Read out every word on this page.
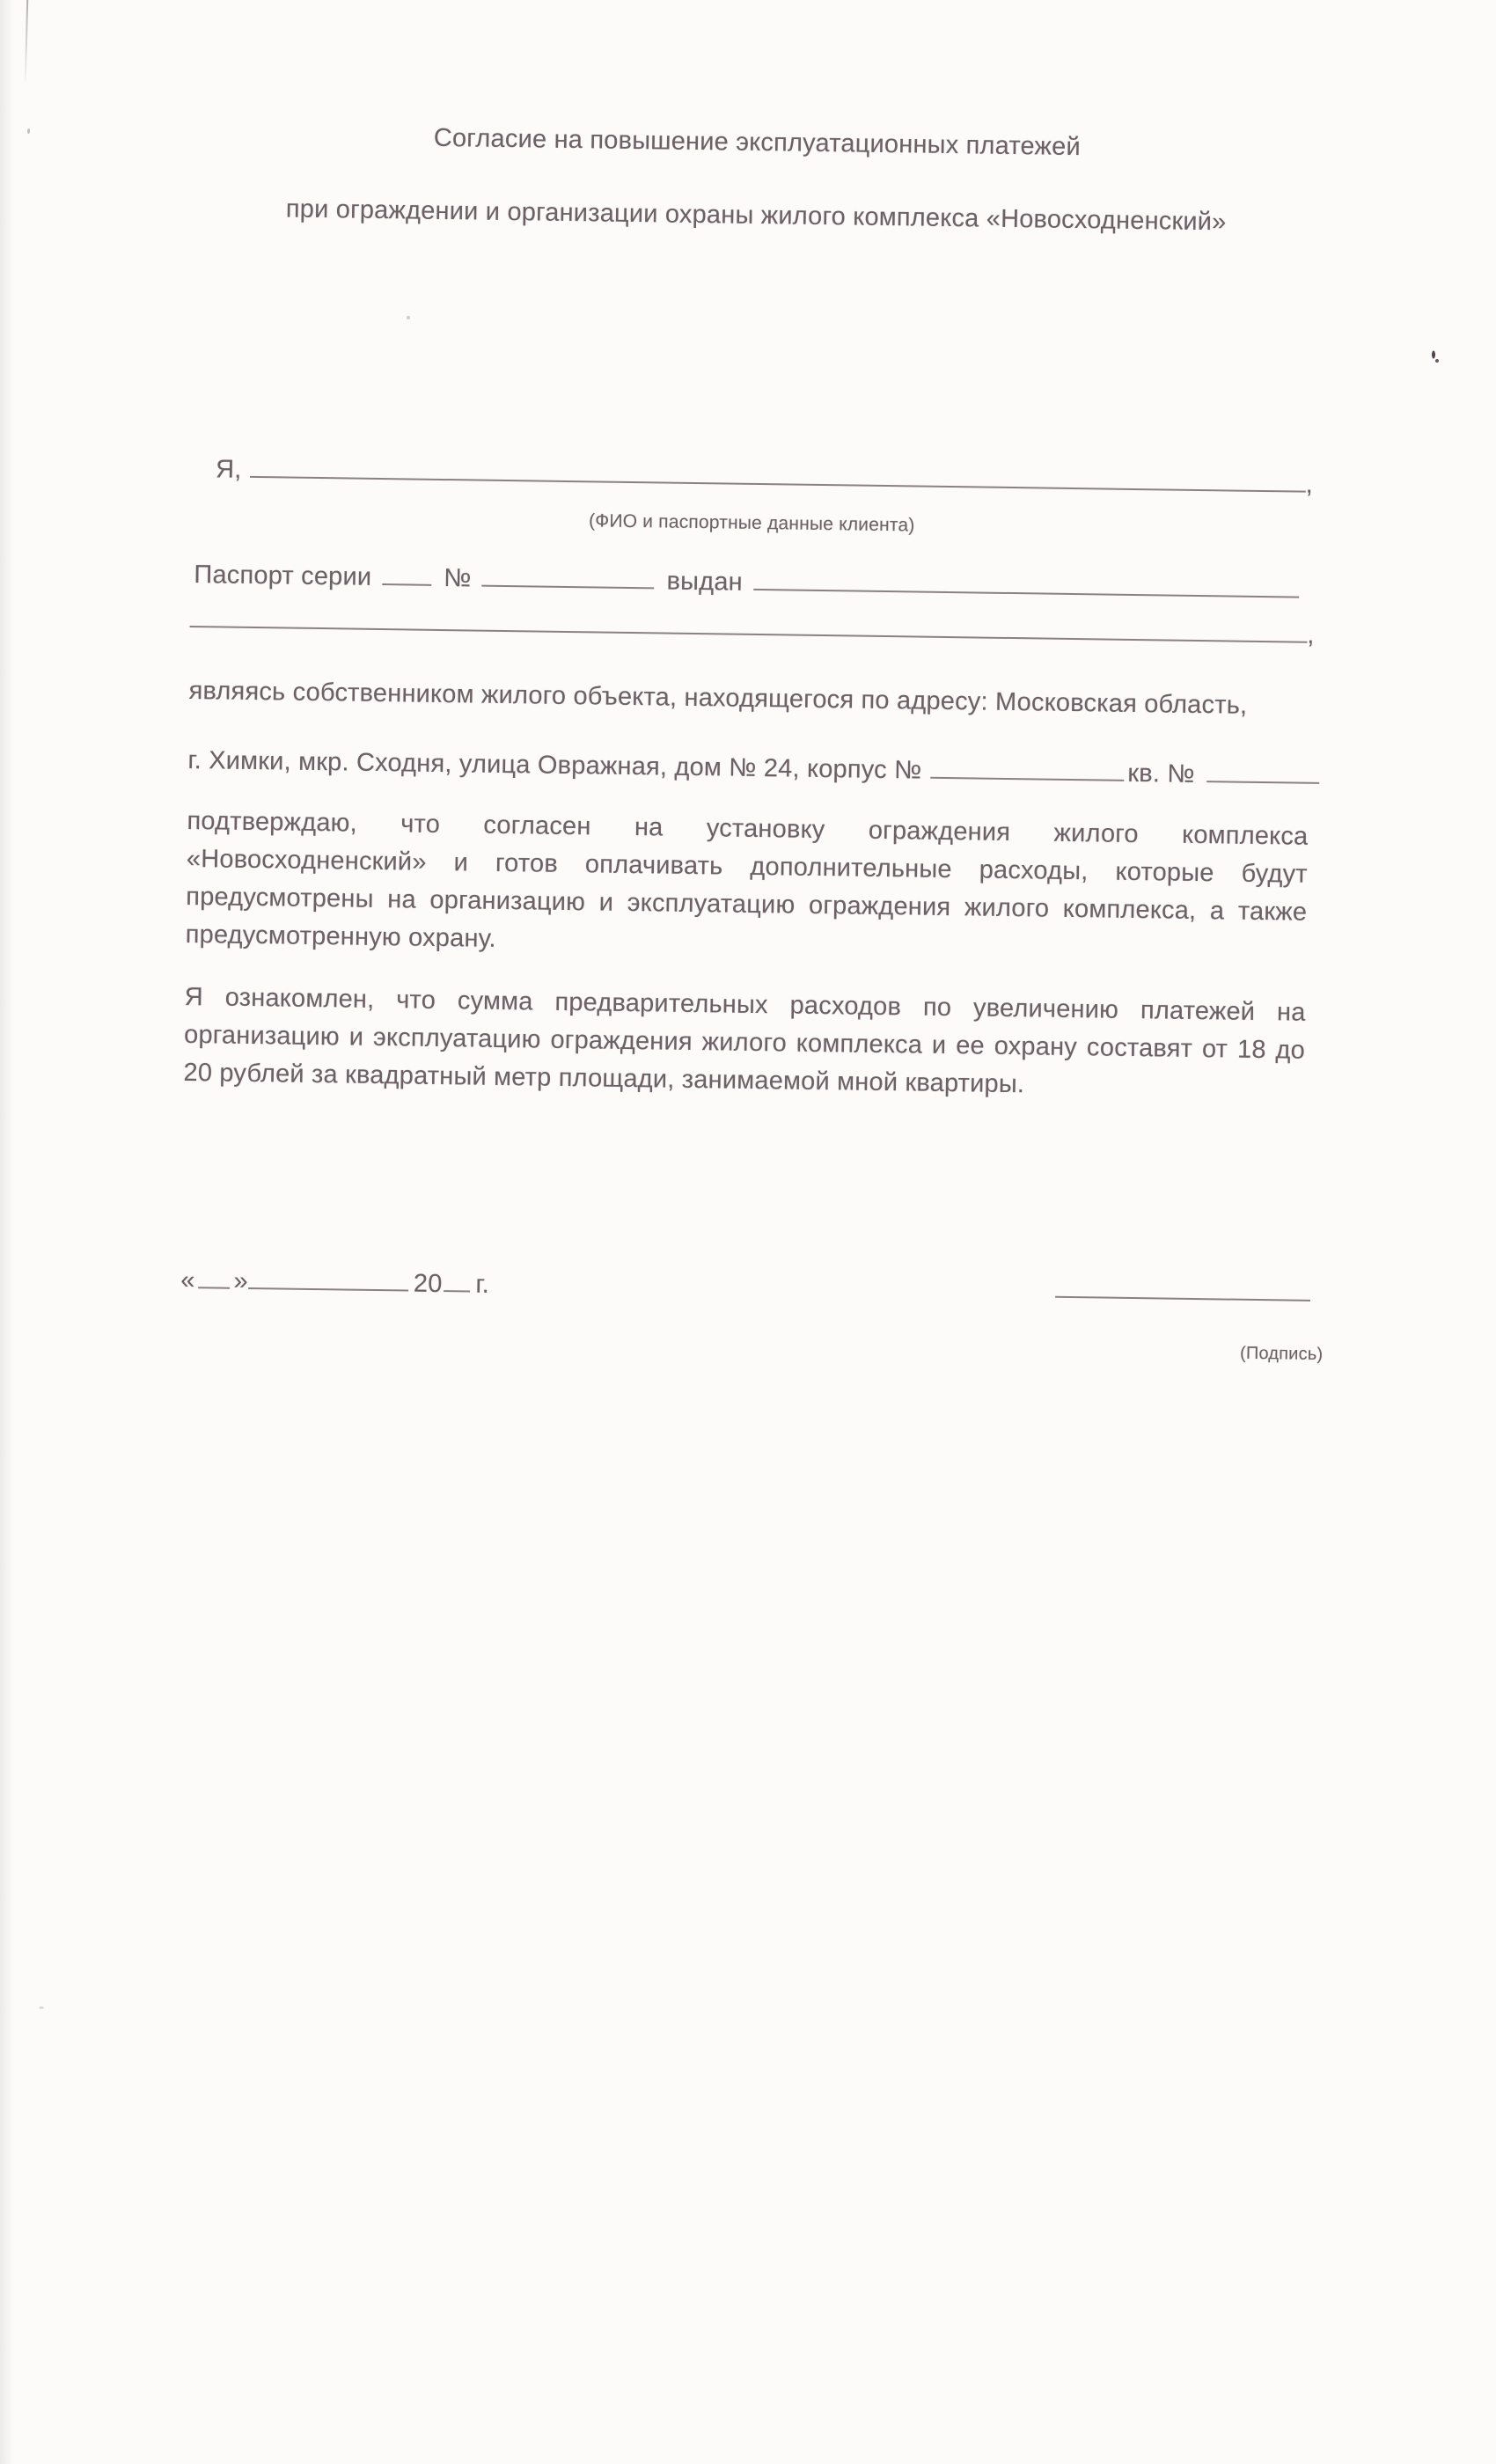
Согласие на повышение эксплуатационных платежей
при ограждении и организации охраны жилого комплекса «Новосходненский»
Я,
,
(ФИО и паспортные данные клиента)
Паспорт серии	№	выдан
,
являясь собственником жилого объекта, находящегося по адресу: Московская область,
г. Химки, мкр. Сходня, улица Овражная, дом № 24, корпус №	кв. №
подтверждаю, что согласен на установку ограждения жилого комплекса
«Новосходненский» и готов оплачивать дополнительные расходы, которые будут
предусмотрены на организацию и эксплуатацию ограждения жилого комплекса, а также
предусмотренную охрану.
Я ознакомлен, что сумма предварительных расходов по увеличению платежей на
организацию и эксплуатацию ограждения жилого комплекса и ее охрану составят от 18 до
20 рублей за квадратный метр площади, занимаемой мной квартиры.
« »	20 г.
(Подпись)
